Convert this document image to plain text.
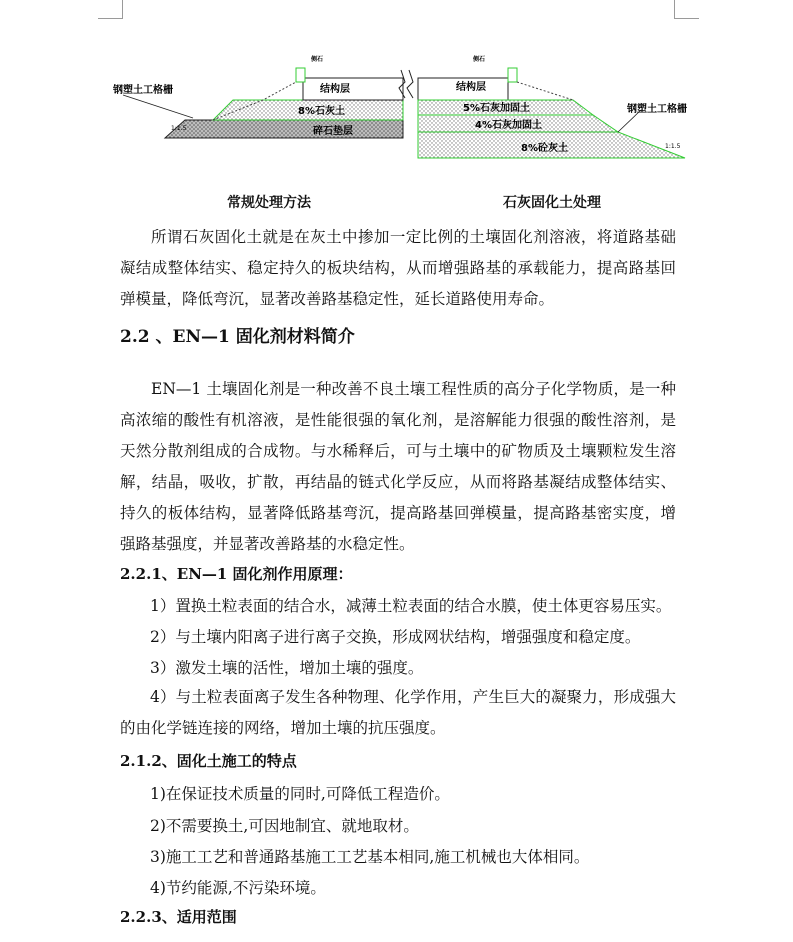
钢塑土工格栅	结构层
8%石灰土
碎石垫层
侧石
1:1.5
结构层
5%石灰加固土
4%石灰加固土
8%砼灰土
钢塑土工格栅
侧石
1:1.5
常规处理方法	石灰固化土处理

所谓石灰固化土就是在灰土中掺加一定比例的土壤固化剂溶液，将道路基础凝结成整体结实、稳定持久的板块结构，从而增强路基的承载能力，提高路基回弹模量，降低弯沉，显著改善路基稳定性，延长道路使用寿命。

2.2 、EN—1 固化剂材料简介

EN—1 土壤固化剂是一种改善不良土壤工程性质的高分子化学物质，是一种高浓缩的酸性有机溶液，是性能很强的氧化剂，是溶解能力很强的酸性溶剂，是天然分散剂组成的合成物。与水稀释后，可与土壤中的矿物质及土壤颗粒发生溶解，结晶，吸收，扩散，再结晶的链式化学反应，从而将路基凝结成整体结实、持久的板体结构，显著降低路基弯沉，提高路基回弹模量，提高路基密实度，增强路基强度，并显著改善路基的水稳定性。

2.2.1、EN—1 固化剂作用原理：

1）置换土粒表面的结合水，减薄土粒表面的结合水膜，使土体更容易压实。

2）与土壤内阳离子进行离子交换，形成网状结构，增强强度和稳定度。

3）激发土壤的活性，增加土壤的强度。

4）与土粒表面离子发生各种物理、化学作用，产生巨大的凝聚力，形成强大的由化学链连接的网络，增加土壤的抗压强度。

2.1.2、固化土施工的特点

1)在保证技术质量的同时,可降低工程造价。

2)不需要换土,可因地制宜、就地取材。

3)施工工艺和普通路基施工工艺基本相同,施工机械也大体相同。

4)节约能源,不污染环境。

2.2.3、适用范围
